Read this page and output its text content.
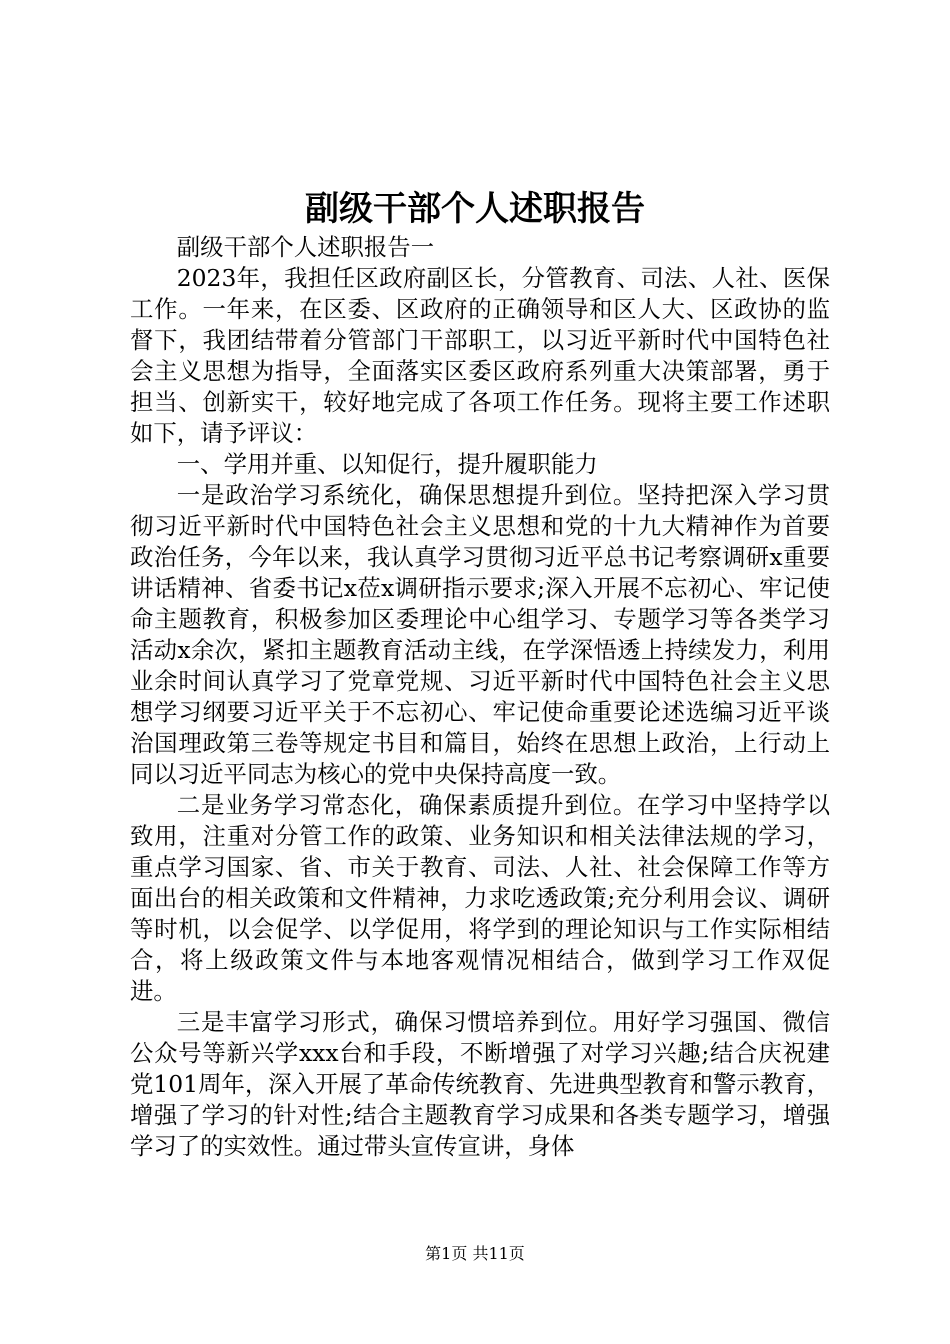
副级干部个人述职报告

副级干部个人述职报告一

2023年，我担任区政府副区长，分管教育、司法、人社、医保工作。一年来，在区委、区政府的正确领导和区人大、区政协的监督下，我团结带着分管部门干部职工，以习近平新时代中国特色社会主义思想为指导，全面落实区委区政府系列重大决策部署，勇于担当、创新实干，较好地完成了各项工作任务。现将主要工作述职如下，请予评议：

一、学用并重、以知促行，提升履职能力

一是政治学习系统化，确保思想提升到位。坚持把深入学习贯彻习近平新时代中国特色社会主义思想和党的十九大精神作为首要政治任务，今年以来，我认真学习贯彻习近平总书记考察调研x重要讲话精神、省委书记x莅x调研指示要求;深入开展不忘初心、牢记使命主题教育，积极参加区委理论中心组学习、专题学习等各类学习活动x余次，紧扣主题教育活动主线，在学深悟透上持续发力，利用业余时间认真学习了党章党规、习近平新时代中国特色社会主义思想学习纲要习近平关于不忘初心、牢记使命重要论述选编习近平谈治国理政第三卷等规定书目和篇目，始终在思想上政治，上行动上同以习近平同志为核心的党中央保持高度一致。

二是业务学习常态化，确保素质提升到位。在学习中坚持学以致用，注重对分管工作的政策、业务知识和相关法律法规的学习，重点学习国家、省、市关于教育、司法、人社、社会保障工作等方面出台的相关政策和文件精神，力求吃透政策;充分利用会议、调研等时机，以会促学、以学促用，将学到的理论知识与工作实际相结合，将上级政策文件与本地客观情况相结合，做到学习工作双促进。

三是丰富学习形式，确保习惯培养到位。用好学习强国、微信公众号等新兴学xxx台和手段，不断增强了对学习兴趣;结合庆祝建党101周年，深入开展了革命传统教育、先进典型教育和警示教育，增强了学习的针对性;结合主题教育学习成果和各类专题学习，增强学习了的实效性。通过带头宣传宣讲，身体

第1页 共11页
